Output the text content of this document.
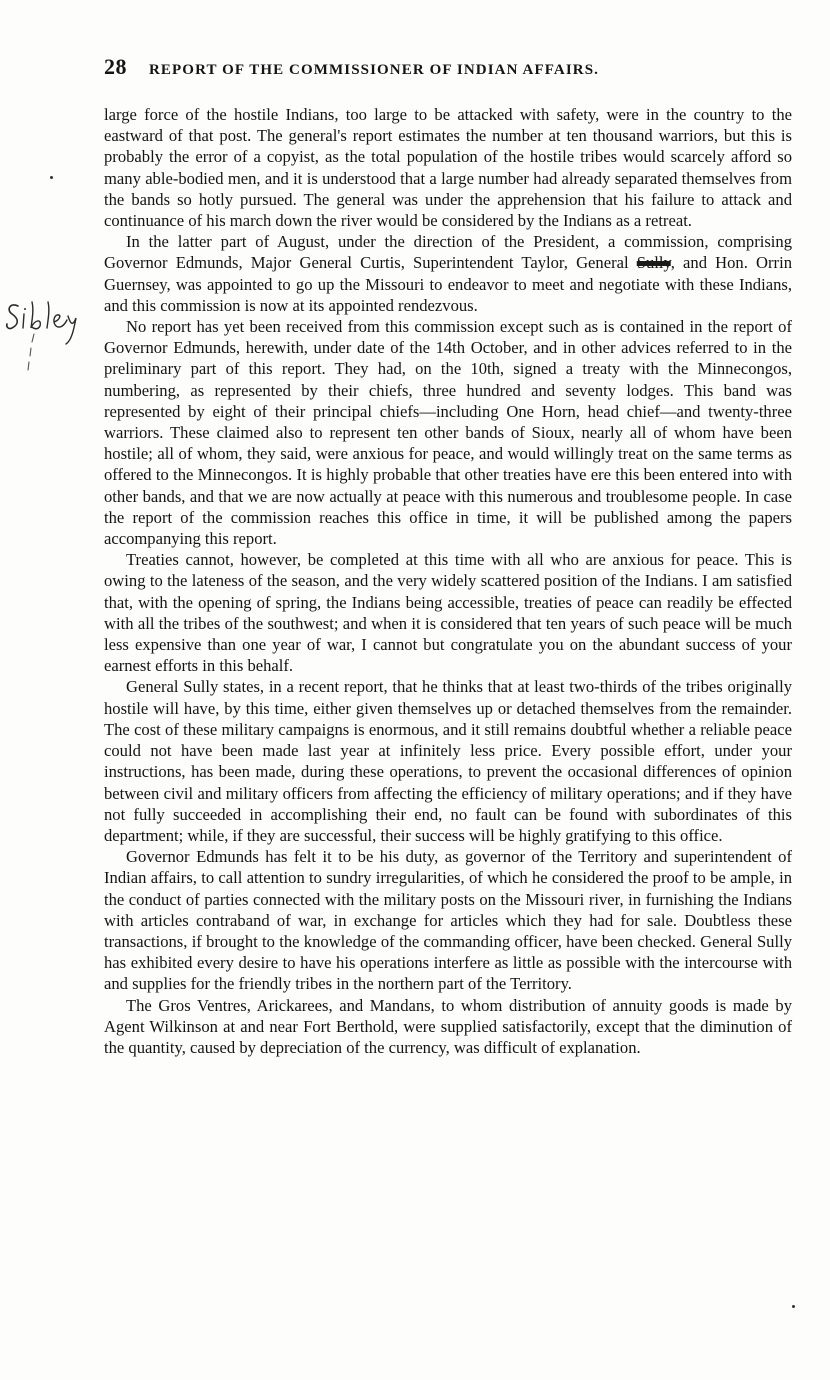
28 REPORT OF THE COMMISSIONER OF INDIAN AFFAIRS.

large force of the hostile Indians, too large to be attacked with safety, were in the country to the eastward of that post. The general's report estimates the number at ten thousand warriors, but this is probably the error of a copyist, as the total population of the hostile tribes would scarcely afford so many able-bodied men, and it is understood that a large number had already separated themselves from the bands so hotly pursued. The general was under the apprehension that his failure to attack and continuance of his march down the river would be considered by the Indians as a retreat.

In the latter part of August, under the direction of the President, a commission, comprising Governor Edmunds, Major General Curtis, Superintendent Taylor, General Sully, and Hon. Orrin Guernsey, was appointed to go up the Missouri to endeavor to meet and negotiate with these Indians, and this commission is now at its appointed rendezvous.

No report has yet been received from this commission except such as is contained in the report of Governor Edmunds, herewith, under date of the 14th October, and in other advices referred to in the preliminary part of this report. They had, on the 10th, signed a treaty with the Minnecongos, numbering, as represented by their chiefs, three hundred and seventy lodges. This band was represented by eight of their principal chiefs—including One Horn, head chief—and twenty-three warriors. These claimed also to represent ten other bands of Sioux, nearly all of whom have been hostile; all of whom, they said, were anxious for peace, and would willingly treat on the same terms as offered to the Minnecongos. It is highly probable that other treaties have ere this been entered into with other bands, and that we are now actually at peace with this numerous and troublesome people. In case the report of the commission reaches this office in time, it will be published among the papers accompanying this report.

Treaties cannot, however, be completed at this time with all who are anxious for peace. This is owing to the lateness of the season, and the very widely scattered position of the Indians. I am satisfied that, with the opening of spring, the Indians being accessible, treaties of peace can readily be effected with all the tribes of the southwest; and when it is considered that ten years of such peace will be much less expensive than one year of war, I cannot but congratulate you on the abundant success of your earnest efforts in this behalf.

General Sully states, in a recent report, that he thinks that at least two-thirds of the tribes originally hostile will have, by this time, either given themselves up or detached themselves from the remainder. The cost of these military campaigns is enormous, and it still remains doubtful whether a reliable peace could not have been made last year at infinitely less price. Every possible effort, under your instructions, has been made, during these operations, to prevent the occasional differences of opinion between civil and military officers from affecting the efficiency of military operations; and if they have not fully succeeded in accomplishing their end, no fault can be found with subordinates of this department; while, if they are successful, their success will be highly gratifying to this office.

Governor Edmunds has felt it to be his duty, as governor of the Territory and superintendent of Indian affairs, to call attention to sundry irregularities, of which he considered the proof to be ample, in the conduct of parties connected with the military posts on the Missouri river, in furnishing the Indians with articles contraband of war, in exchange for articles which they had for sale. Doubtless these transactions, if brought to the knowledge of the commanding officer, have been checked. General Sully has exhibited every desire to have his operations interfere as little as possible with the intercourse with and supplies for the friendly tribes in the northern part of the Territory.

The Gros Ventres, Arickarees, and Mandans, to whom distribution of annuity goods is made by Agent Wilkinson at and near Fort Berthold, were supplied satisfactorily, except that the diminution of the quantity, caused by depreciation of the currency, was difficult of explanation.
